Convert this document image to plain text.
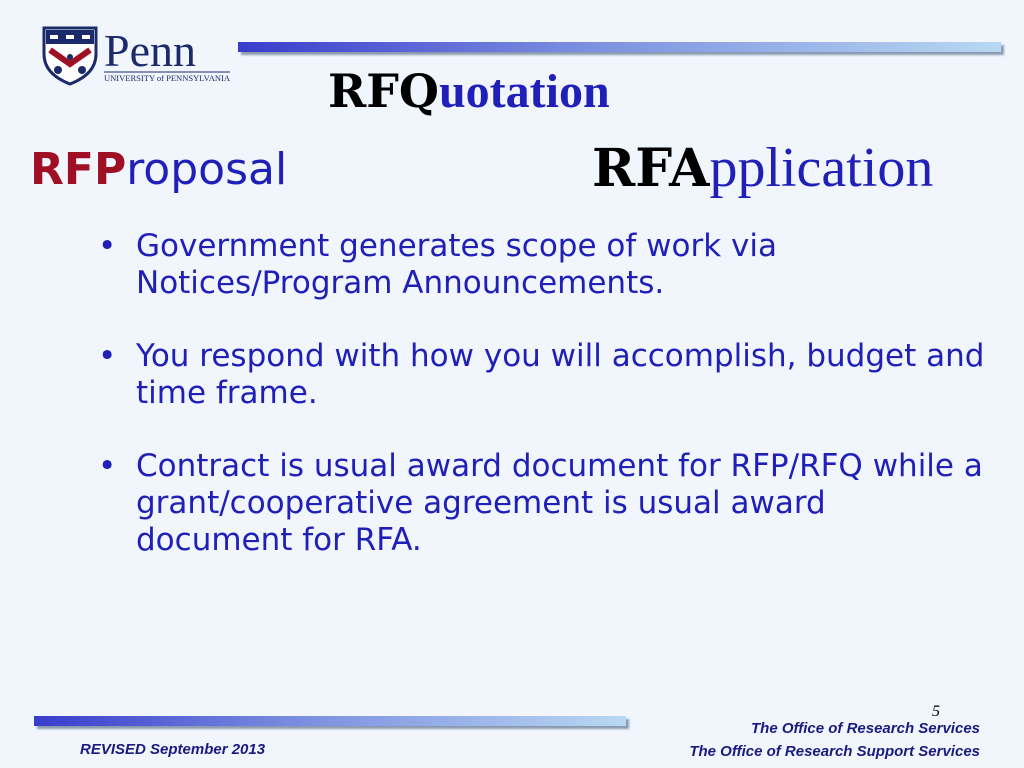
Penn
UNIVERSITY of PENNSYLVANIA RFQuotation
RFApplication
RFProposal
• Government generates scope of work via Notices/Program Announcements.
• You respond with how you will accomplish, budget and time frame.
• Contract is usual award document for RFP/RFQ while a grant/cooperative agreement is usual award document for RFA.
5
The Office of Research Services
The Office of Research Support Services
REVISED September 2013
